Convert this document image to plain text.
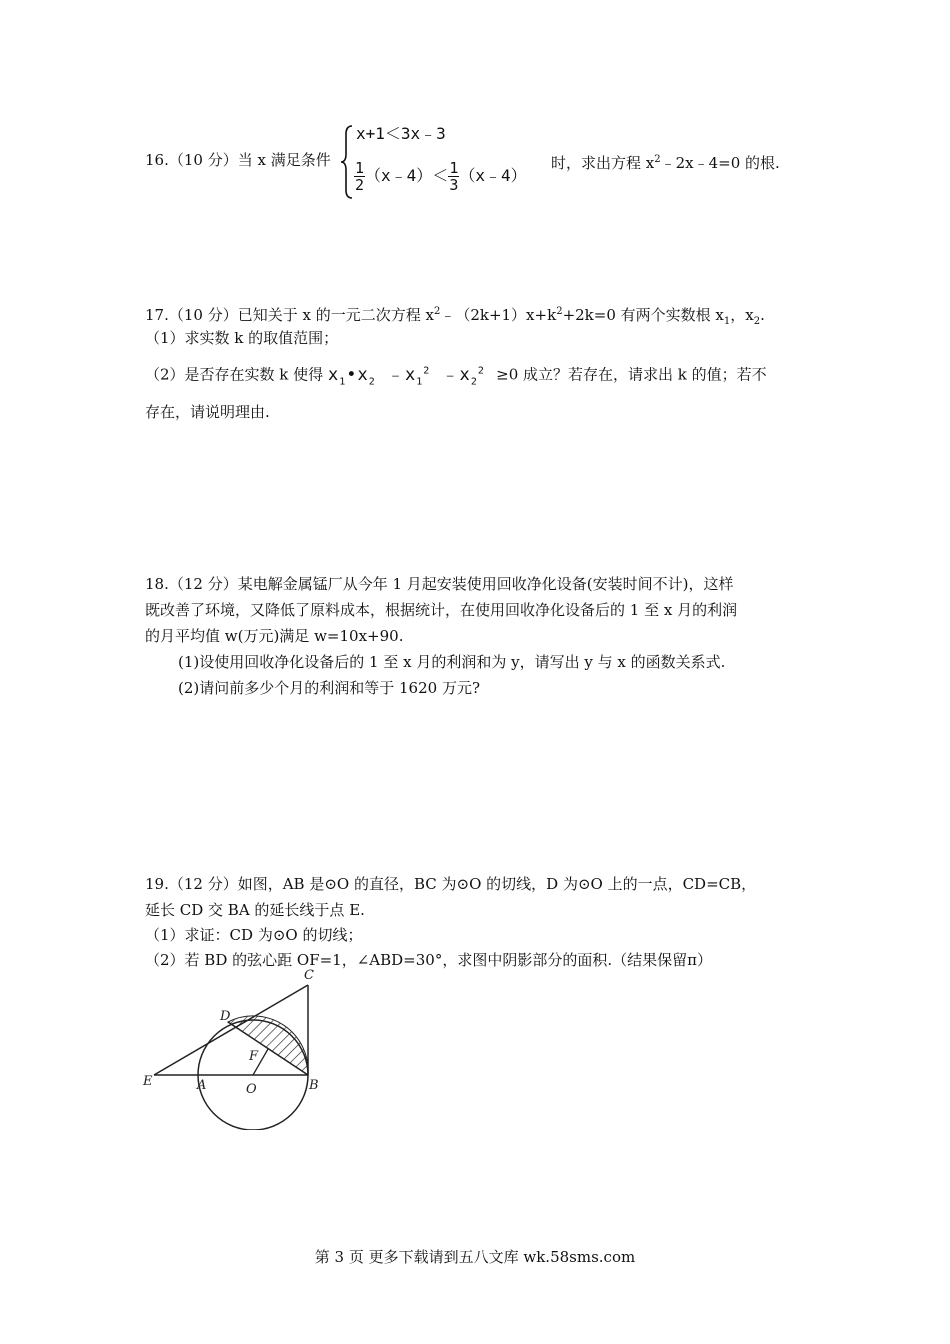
16.（10 分）当 x 满足条件
x+1＜3x﹣3
$\frac{1}{2}$ （x﹣4）＜ $\frac{1}{3}$ （x﹣4）
时，求出方程 $x^2﹣2x﹣4=0$ 的根.
17.（10 分）已知关于 x 的一元二次方程 $x^2﹣(2k+1)x+k^2+2k=0$ 有两个实数根 $x_1$，$x_2$.
（1）求实数 k 的取值范围；
（2）是否存在实数 k 使得 $x_1•x_2$ $﹣x_1^2$ $﹣x_2^2 \ge 0$ 成立？若存在，请求出 k 的值；若不
存在，请说明理由.
18.（12 分）某电解金属锰厂从今年 1 月起安装使用回收净化设备(安装时间不计)，这样
既改善了环境，又降低了原料成本，根据统计，在使用回收净化设备后的 1 至 x 月的利润
的月平均值 w(万元)满足 w=10x+90.
(1)设使用回收净化设备后的 1 至 x 月的利润和为 y，请写出 y 与 x 的函数关系式.
(2)请问前多少个月的利润和等于 1620 万元?
19.（12 分）如图，AB 是⊙O 的直径，BC 为⊙O 的切线，D 为⊙O 上的一点，CD=CB，
延长 CD 交 BA 的延长线于点 E.
（1）求证：CD 为⊙O 的切线；
（2）若 BD 的弦心距 OF=1，∠ABD=30°，求图中阴影部分的面积.（结果保留π）
C
D
F
E	A	O	B
第 3 页 更多下载请到五八文库 wk.58sms.com
